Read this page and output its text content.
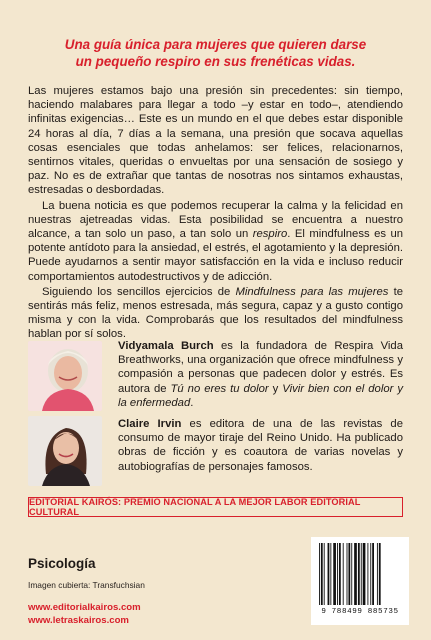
Una guía única para mujeres que quieren darse
un pequeño respiro en sus frenéticas vidas.

Las mujeres estamos bajo una presión sin precedentes: sin tiempo, haciendo malabares para llegar a todo –y estar en todo–, atendiendo infinitas exigencias… Este es un mundo en el que debes estar disponible 24 horas al día, 7 días a la semana, una presión que socava aquellas cosas esenciales que todas anhelamos: ser felices, relacionarnos, sentirnos vitales, queridas o envueltas por una sensación de sosiego y paz. No es de extrañar que tantas de nosotras nos sintamos exhaustas, estresadas o desbordadas.

La buena noticia es que podemos recuperar la calma y la felicidad en nuestras ajetreadas vidas. Esta posibilidad se encuentra a nuestro alcance, a tan solo un paso, a tan solo un respiro. El mindfulness es un potente antídoto para la ansiedad, el estrés, el agotamiento y la depresión. Puede ayudarnos a sentir mayor satisfacción en la vida e incluso reducir comportamientos autodestructivos y de adicción.

Siguiendo los sencillos ejercicios de Mindfulness para las mujeres te sentirás más feliz, menos estresada, más segura, capaz y a gusto contigo misma y con la vida. Comprobarás que los resultados del mindfulness hablan por sí solos.

Vidyamala Burch es la fundadora de Respira Vida Breathworks, una organización que ofrece mindfulness y compasión a personas que padecen dolor y estrés. Es autora de Tú no eres tu dolor y Vivir bien con el dolor y la enfermedad.
Claire Irvin es editora de una de las revistas de consumo de mayor tiraje del Reino Unido. Ha publicado obras de ficción y es coautora de varias novelas y autobiografías de personajes famosos.
EDITORIAL KAIRÓS: PREMIO NACIONAL A LA MEJOR LABOR EDITORIAL CULTURAL
Psicología
Imagen cubierta: Transfuchsian
www.editorialkairos.com
www.letraskairos.com
9 788499 885735
